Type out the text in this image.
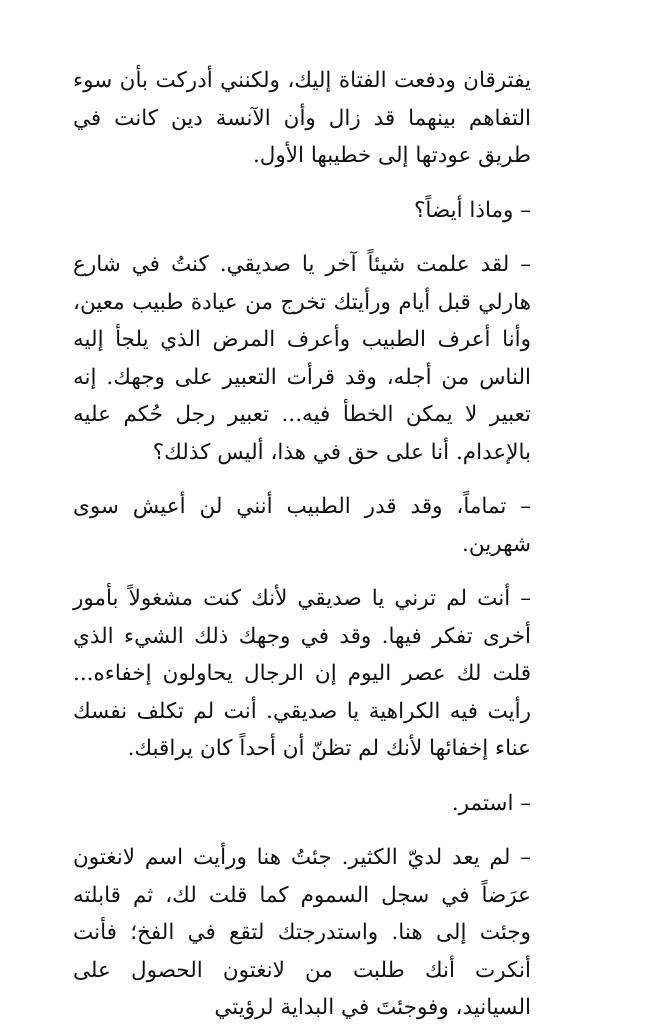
يفترقان ودفعت الفتاة إليك، ولكنني أدركت بأن سوء التفاهم بينهما قد زال وأن الآنسة دين كانت في طريق عودتها إلى خطيبها الأول.

– وماذا أيضاً؟

– لقد علمت شيئاً آخر يا صديقي. كنتُ في شارع هارلي قبل أيام ورأيتك تخرج من عيادة طبيب معين، وأنا أعرف الطبيب وأعرف المرض الذي يلجأ إليه الناس من أجله، وقد قرأت التعبير على وجهك. إنه تعبير لا يمكن الخطأ فيه... تعبير رجل حُكم عليه بالإعدام. أنا على حق في هذا، أليس كذلك؟

– تماماً، وقد قدر الطبيب أنني لن أعيش سوى شهرين.

– أنت لم ترني يا صديقي لأنك كنت مشغولاً بأمور أخرى تفكر فيها. وقد في وجهك ذلك الشيء الذي قلت لك عصر اليوم إن الرجال يحاولون إخفاءه... رأيت فيه الكراهية يا صديقي. أنت لم تكلف نفسك عناء إخفائها لأنك لم تظنّ أن أحداً كان يراقبك.

– استمر.

– لم يعد لديّ الكثير. جئتُ هنا ورأيت اسم لانغتون عرَضاً في سجل السموم كما قلت لك، ثم قابلته وجئت إلى هنا. واستدرجتك لتقع في الفخ؛ فأنت أنكرت أنك طلبت من لانغتون الحصول على السيانيد، وفوجئتَ في البداية لرؤيتي
